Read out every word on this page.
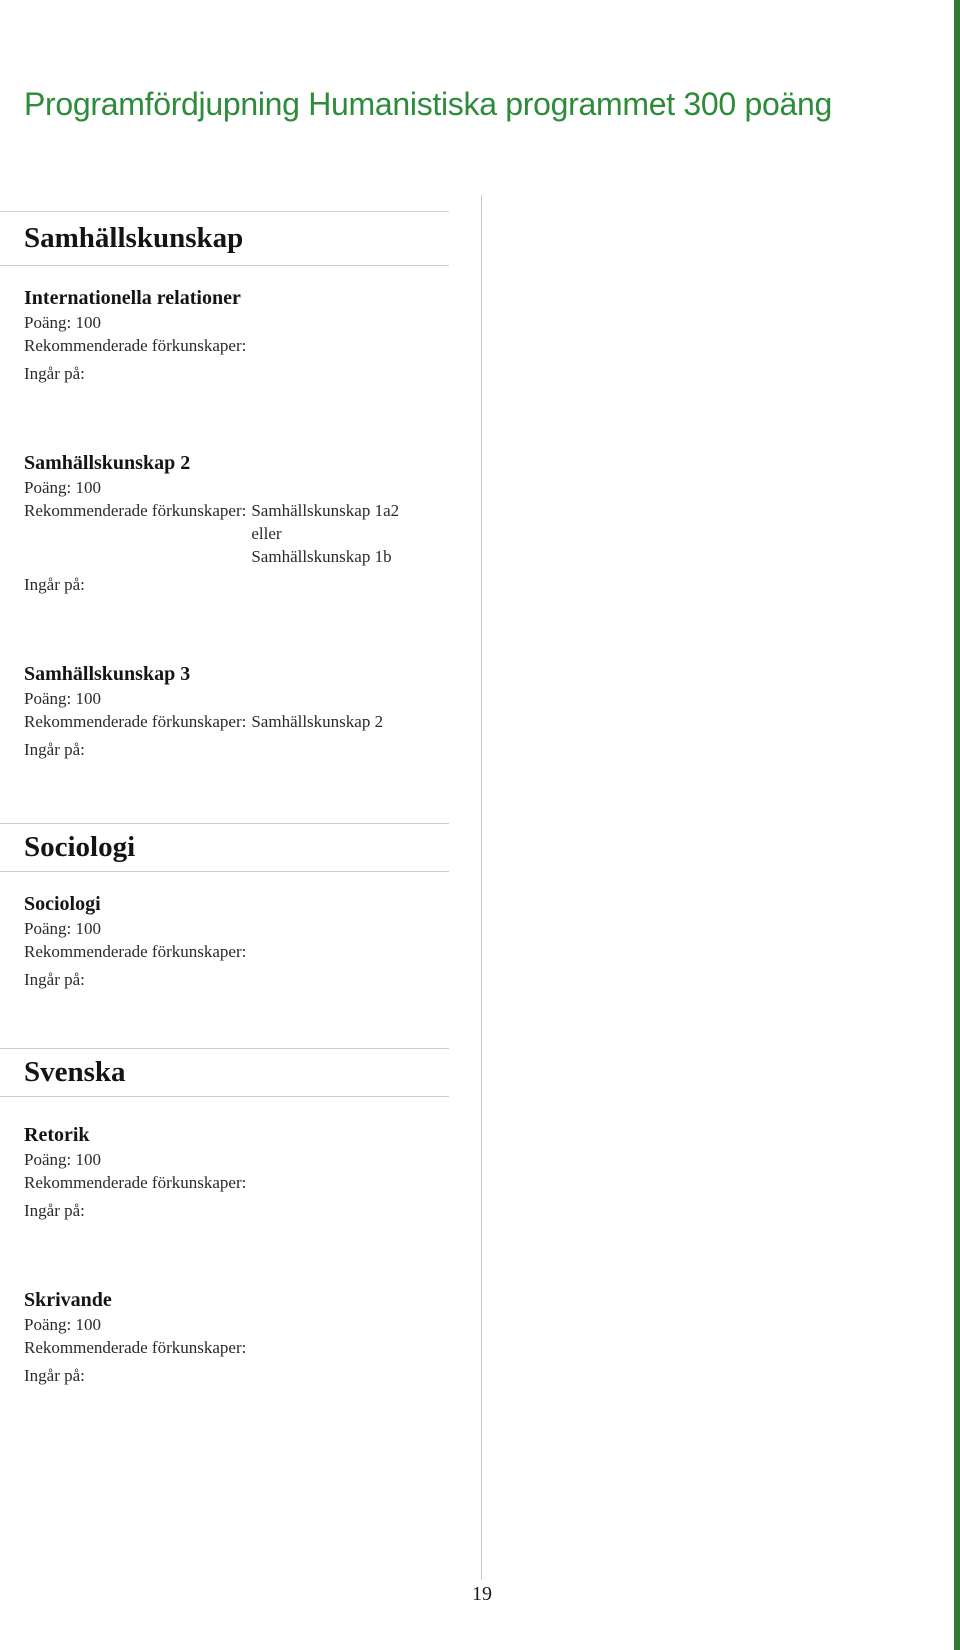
Programfördjupning Humanistiska programmet 300 poäng
Samhällskunskap
Internationella relationer
Poäng: 100
Rekommenderade förkunskaper:
Ingår på:
Samhällskunskap 2
Poäng: 100
Rekommenderade förkunskaper: Samhällskunskap 1a2
eller
Samhällskunskap 1b
Ingår på:
Samhällskunskap 3
Poäng: 100
Rekommenderade förkunskaper: Samhällskunskap 2
Ingår på:
Sociologi
Sociologi
Poäng: 100
Rekommenderade förkunskaper:
Ingår på:
Svenska
Retorik
Poäng: 100
Rekommenderade förkunskaper:
Ingår på:
Skrivande
Poäng: 100
Rekommenderade förkunskaper:
Ingår på:
19
